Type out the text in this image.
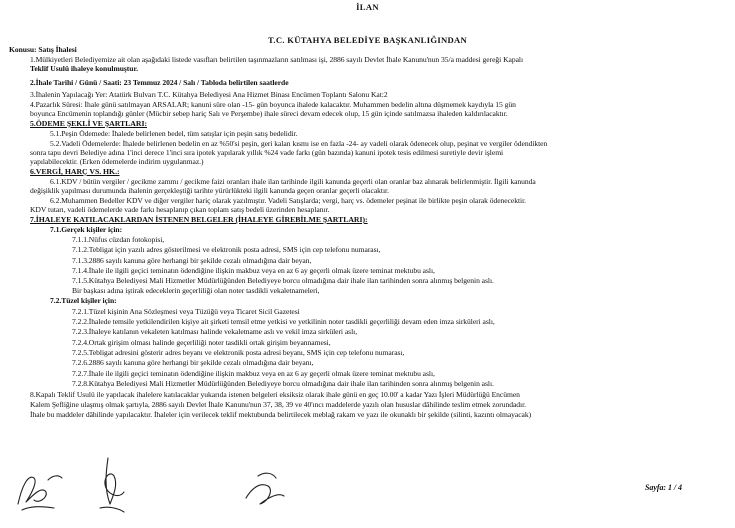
İLAN
T.C. KÜTAHYA BELEDİYE BAŞKANLIĞINDAN
Konusu: Satış İhalesi
1.Mülkiyetleri Belediyemize ait olan aşağıdaki listede vasıfları belirtilen taşınmazların satılması işi, 2886 sayılı Devlet İhale Kanunu'nun 35/a maddesi gereği Kapalı
Teklif Usulü ihaleye konulmuştur.
2.İhale Tarihi / Günü / Saati: 23 Temmuz 2024 / Salı / Tabloda belirtilen saatlerde
3.İhalenin Yapılacağı Yer: Atatürk Bulvarı T.C. Kütahya Belediyesi Ana Hizmet Binası Encümen Toplantı Salonu Kat:2
4.Pazarlık Süresi: İhale günü satılmayan ARSALAR; kanuni süre olan -15- gün boyunca ihalede kalacaktır. Muhammen bedelin altına düşmemek kaydıyla 15 gün
boyunca Encümenin toplandığı günler (Mücbir sebep hariç Salı ve Perşembe) ihale süreci devam edecek olup, 15 gün içinde satılmazsa ihaleden kaldırılacaktır.
5.ÖDEME ŞEKLİ VE ŞARTLARI:
5.1.Peşin Ödemede: İhalede belirlenen bedel, tüm satışlar için peşin satış bedelidir.
5.2.Vadeli Ödemelerde: İhalede belirlenen bedelin en az %50'si peşin, geri kalan kısmı ise en fazla -24- ay vadeli olarak ödenecek olup, peşinat ve vergiler ödendikten
sonra tapu devri Belediye adına 1'inci derece 1'inci sıra ipotek yapılarak yıllık %24 vade farkı (gün bazında) kanuni ipotek tesis edilmesi suretiyle devir işlemi
yapılabilecektir. (Erken ödemelerde indirim uygulanmaz.)
6.VERGİ, HARÇ VS. HK.:
6.1.KDV / bütün vergiler / gecikme zammı / gecikme faizi oranları ihale ilan tarihinde ilgili kanunda geçerli olan oranlar baz alınarak belirlenmiştir. İlgili kanunda
değişiklik yapılması durumunda ihalenin gerçekleştiği tarihte yürürlükteki ilgili kanunda geçen oranlar geçerli olacaktır.
6.2.Muhammen Bedeller KDV ve diğer vergiler hariç olarak yazılmıştır. Vadeli Satışlarda; vergi, harç vs. ödemeler peşinat ile birlikte peşin olarak ödenecektir.
KDV tutarı, vadeli ödemelerde vade farkı hesaplanıp çıkan toplam satış bedeli üzerinden hesaplanır.
7.İHALEYE KATILACAKLARDAN İSTENEN BELGELER (İHALEYE GİREBİLME ŞARTLARI):
7.1.Gerçek kişiler için:
7.1.1.Nüfus cüzdan fotokopisi,
7.1.2.Tebligat için yazılı adres gösterilmesi ve elektronik posta adresi, SMS için cep telefonu numarası,
7.1.3.2886 sayılı kanuna göre herhangi bir şekilde cezalı olmadığına dair beyan,
7.1.4.İhale ile ilgili geçici teminatın ödendiğine ilişkin makbuz veya en az 6 ay geçerli olmak üzere teminat mektubu aslı,
7.1.5.Kütahya Belediyesi Mali Hizmetler Müdürlüğünden Belediyeye borcu olmadığına dair ihale ilan tarihinden sonra alınmış belgenin aslı.
Bir başkası adına iştirak edeceklerin geçerliliği olan noter tasdikli vekaletnameleri,
7.2.Tüzel kişiler için:
7.2.1.Tüzel kişinin Ana Sözleşmesi veya Tüzüğü veya Ticaret Sicil Gazetesi
7.2.2.İhalede temsile yetkilendirilen kişiye ait şirketi temsil etme yetkisi ve yetkilinin noter tasdikli geçerliliği devam eden imza sirküleri aslı,
7.2.3.İhaleye katılanın vekaleten katılması halinde vekaletname aslı ve vekil imza sirküleri aslı,
7.2.4.Ortak girişim olması halinde geçerliliği noter tasdikli ortak girişim beyannamesi,
7.2.5.Tebligat adresini gösterir adres beyanı ve elektronik posta adresi beyanı, SMS için cep telefonu numarası,
7.2.6.2886 sayılı kanuna göre herhangi bir şekilde cezalı olmadığına dair beyanı,
7.2.7.İhale ile ilgili geçici teminatın ödendiğine ilişkin makbuz veya en az 6 ay geçerli olmak üzere teminat mektubu aslı,
7.2.8.Kütahya Belediyesi Mali Hizmetler Müdürlüğünden Belediyeye borcu olmadığına dair ihale ilan tarihinden sonra alınmış belgenin aslı.
8.Kapalı Teklif Usulü ile yapılacak ihalelere katılacaklar yukarıda istenen belgeleri eksiksiz olarak ihale günü en geç 10.00' a kadar Yazı İşleri Müdürlüğü Encümen
Kalem Şefliğine ulaşmış olmak şartıyla, 2886 sayılı Devlet İhale Kanunu'nun 37, 38, 39 ve 40'ıncı maddelerde yazılı olan hususlar dâhilinde teslim etmek zorundadır.
İhale bu maddeler dâhilinde yapılacaktır. İhaleler için verilecek teklif mektubunda belirtilecek meblağ rakam ve yazı ile okunaklı bir şekilde (silinti, kazıntı olmayacak)
Sayfa: 1 / 4
